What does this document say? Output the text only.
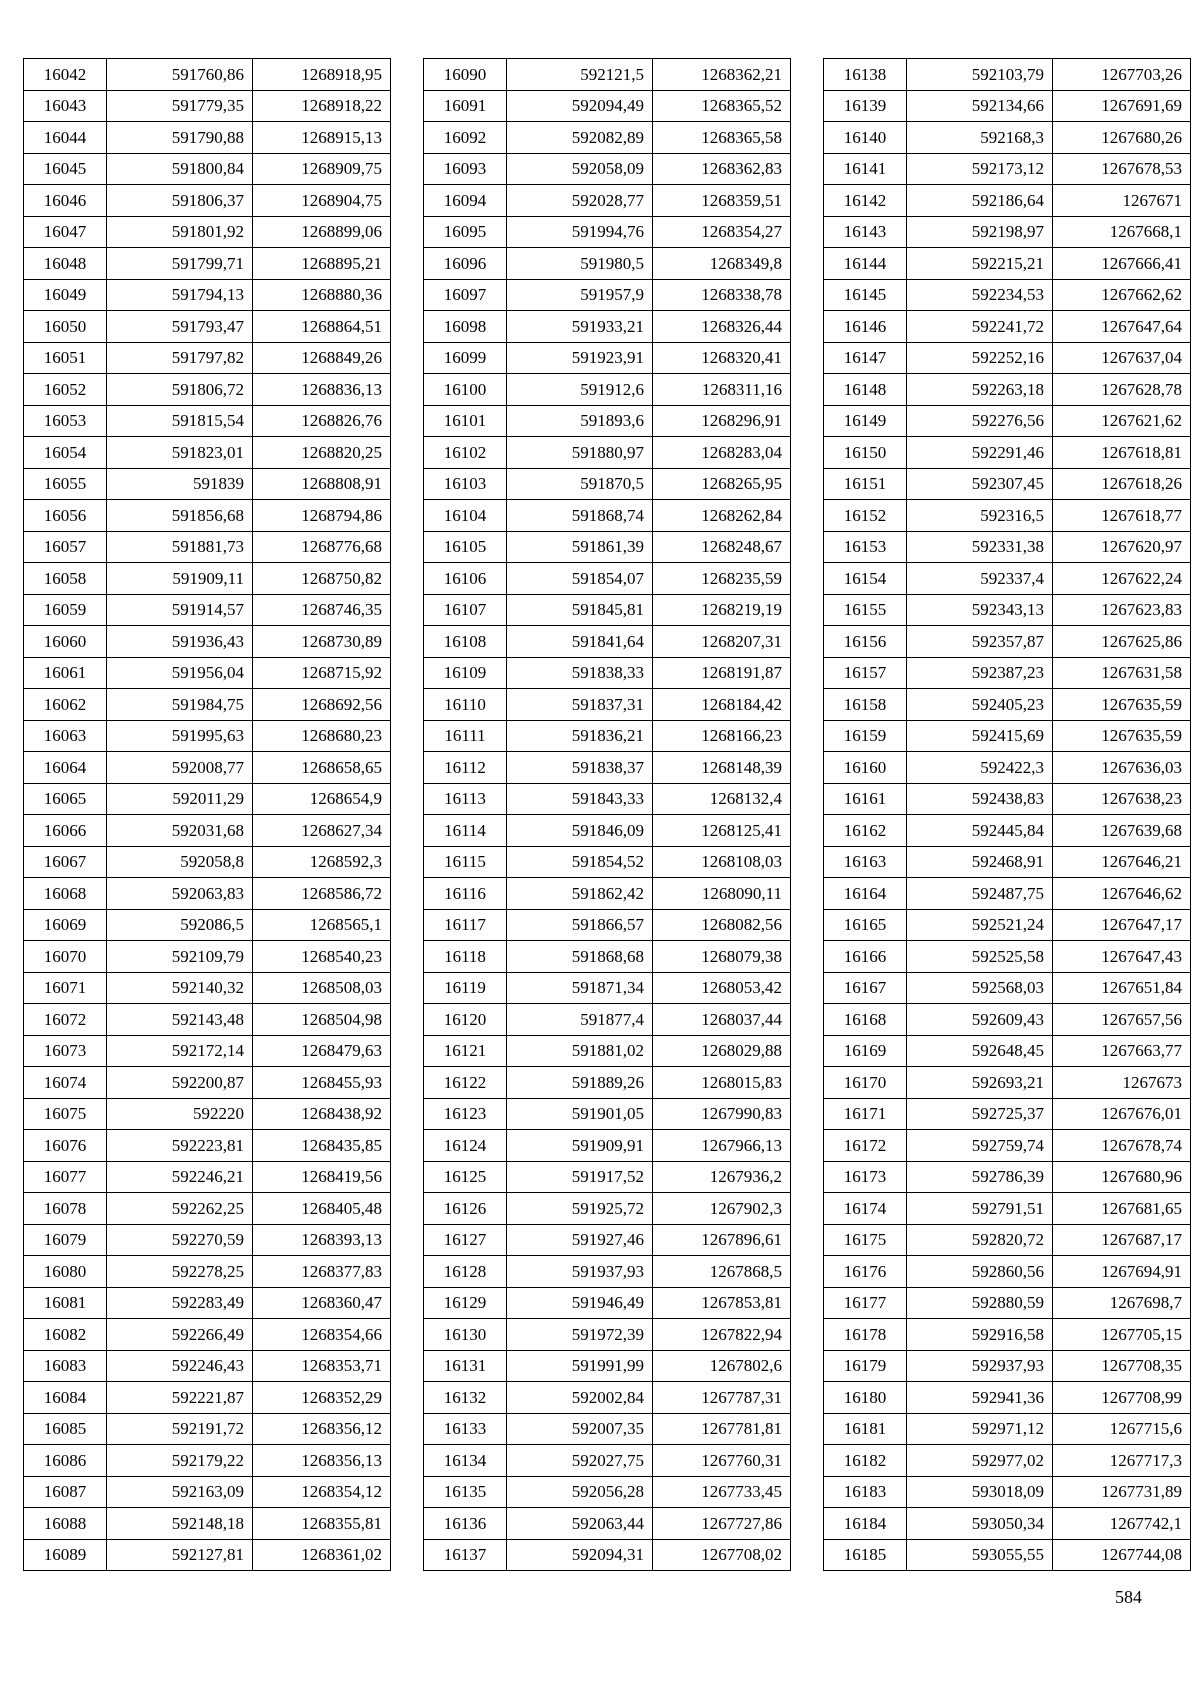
16042	591760,86	1268918,95
16043	591779,35	1268918,22
16044	591790,88	1268915,13
16045	591800,84	1268909,75
16046	591806,37	1268904,75
16047	591801,92	1268899,06
16048	591799,71	1268895,21
16049	591794,13	1268880,36
16050	591793,47	1268864,51
16051	591797,82	1268849,26
16052	591806,72	1268836,13
16053	591815,54	1268826,76
16054	591823,01	1268820,25
16055	591839	1268808,91
16056	591856,68	1268794,86
16057	591881,73	1268776,68
16058	591909,11	1268750,82
16059	591914,57	1268746,35
16060	591936,43	1268730,89
16061	591956,04	1268715,92
16062	591984,75	1268692,56
16063	591995,63	1268680,23
16064	592008,77	1268658,65
16065	592011,29	1268654,9
16066	592031,68	1268627,34
16067	592058,8	1268592,3
16068	592063,83	1268586,72
16069	592086,5	1268565,1
16070	592109,79	1268540,23
16071	592140,32	1268508,03
16072	592143,48	1268504,98
16073	592172,14	1268479,63
16074	592200,87	1268455,93
16075	592220	1268438,92
16076	592223,81	1268435,85
16077	592246,21	1268419,56
16078	592262,25	1268405,48
16079	592270,59	1268393,13
16080	592278,25	1268377,83
16081	592283,49	1268360,47
16082	592266,49	1268354,66
16083	592246,43	1268353,71
16084	592221,87	1268352,29
16085	592191,72	1268356,12
16086	592179,22	1268356,13
16087	592163,09	1268354,12
16088	592148,18	1268355,81
16089	592127,81	1268361,02
16090	592121,5	1268362,21
16091	592094,49	1268365,52
16092	592082,89	1268365,58
16093	592058,09	1268362,83
16094	592028,77	1268359,51
16095	591994,76	1268354,27
16096	591980,5	1268349,8
16097	591957,9	1268338,78
16098	591933,21	1268326,44
16099	591923,91	1268320,41
16100	591912,6	1268311,16
16101	591893,6	1268296,91
16102	591880,97	1268283,04
16103	591870,5	1268265,95
16104	591868,74	1268262,84
16105	591861,39	1268248,67
16106	591854,07	1268235,59
16107	591845,81	1268219,19
16108	591841,64	1268207,31
16109	591838,33	1268191,87
16110	591837,31	1268184,42
16111	591836,21	1268166,23
16112	591838,37	1268148,39
16113	591843,33	1268132,4
16114	591846,09	1268125,41
16115	591854,52	1268108,03
16116	591862,42	1268090,11
16117	591866,57	1268082,56
16118	591868,68	1268079,38
16119	591871,34	1268053,42
16120	591877,4	1268037,44
16121	591881,02	1268029,88
16122	591889,26	1268015,83
16123	591901,05	1267990,83
16124	591909,91	1267966,13
16125	591917,52	1267936,2
16126	591925,72	1267902,3
16127	591927,46	1267896,61
16128	591937,93	1267868,5
16129	591946,49	1267853,81
16130	591972,39	1267822,94
16131	591991,99	1267802,6
16132	592002,84	1267787,31
16133	592007,35	1267781,81
16134	592027,75	1267760,31
16135	592056,28	1267733,45
16136	592063,44	1267727,86
16137	592094,31	1267708,02
16138	592103,79	1267703,26
16139	592134,66	1267691,69
16140	592168,3	1267680,26
16141	592173,12	1267678,53
16142	592186,64	1267671
16143	592198,97	1267668,1
16144	592215,21	1267666,41
16145	592234,53	1267662,62
16146	592241,72	1267647,64
16147	592252,16	1267637,04
16148	592263,18	1267628,78
16149	592276,56	1267621,62
16150	592291,46	1267618,81
16151	592307,45	1267618,26
16152	592316,5	1267618,77
16153	592331,38	1267620,97
16154	592337,4	1267622,24
16155	592343,13	1267623,83
16156	592357,87	1267625,86
16157	592387,23	1267631,58
16158	592405,23	1267635,59
16159	592415,69	1267635,59
16160	592422,3	1267636,03
16161	592438,83	1267638,23
16162	592445,84	1267639,68
16163	592468,91	1267646,21
16164	592487,75	1267646,62
16165	592521,24	1267647,17
16166	592525,58	1267647,43
16167	592568,03	1267651,84
16168	592609,43	1267657,56
16169	592648,45	1267663,77
16170	592693,21	1267673
16171	592725,37	1267676,01
16172	592759,74	1267678,74
16173	592786,39	1267680,96
16174	592791,51	1267681,65
16175	592820,72	1267687,17
16176	592860,56	1267694,91
16177	592880,59	1267698,7
16178	592916,58	1267705,15
16179	592937,93	1267708,35
16180	592941,36	1267708,99
16181	592971,12	1267715,6
16182	592977,02	1267717,3
16183	593018,09	1267731,89
16184	593050,34	1267742,1
16185	593055,55	1267744,08
584
